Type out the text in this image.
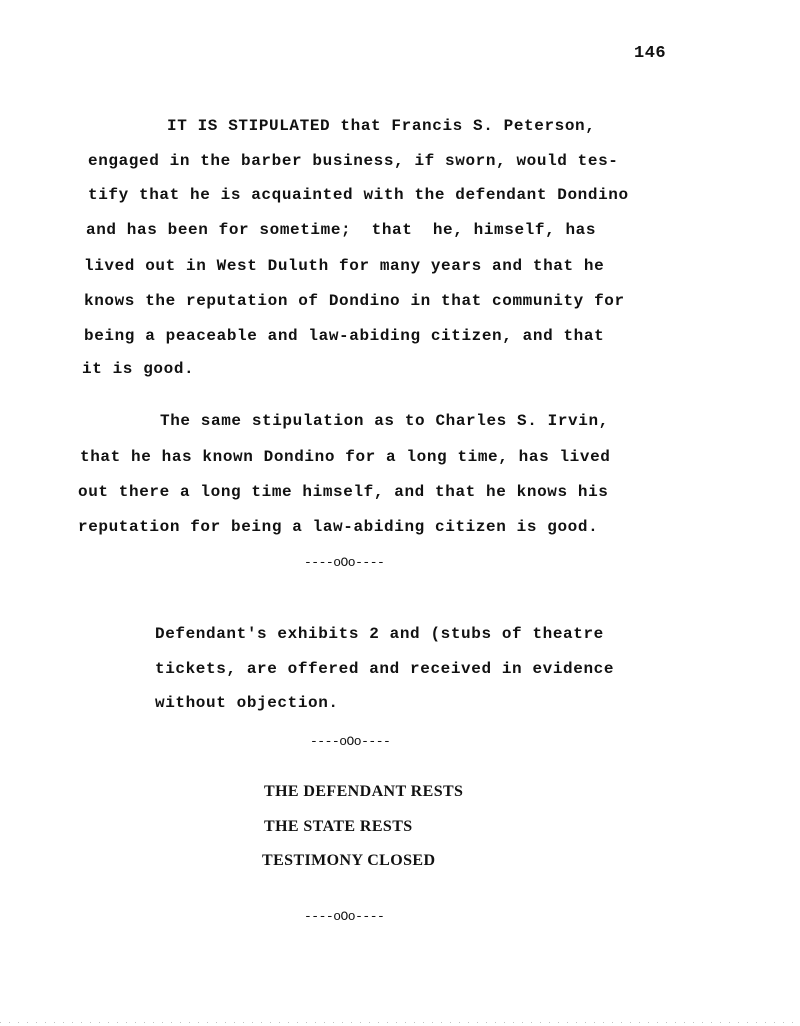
146
IT IS STIPULATED that Francis S. Peterson,
engaged in the barber business, if sworn, would tes-
tify that he is acquainted with the defendant Dondino
and has been for sometime;  that  he, himself, has
lived out in West Duluth for many years and that he
knows the reputation of Dondino in that community for
being a peaceable and law-abiding citizen, and that
it is good.
The same stipulation as to Charles S. Irvin,
that he has known Dondino for a long time, has lived
out there a long time himself, and that he knows his
reputation for being a law-abiding citizen is good.
----oOo----
Defendant's exhibits 2 and (stubs of theatre
tickets, are offered and received in evidence
without objection.
----oOo----
THE DEFENDANT RESTS
THE STATE RESTS
TESTIMONY CLOSED
----oOo----
